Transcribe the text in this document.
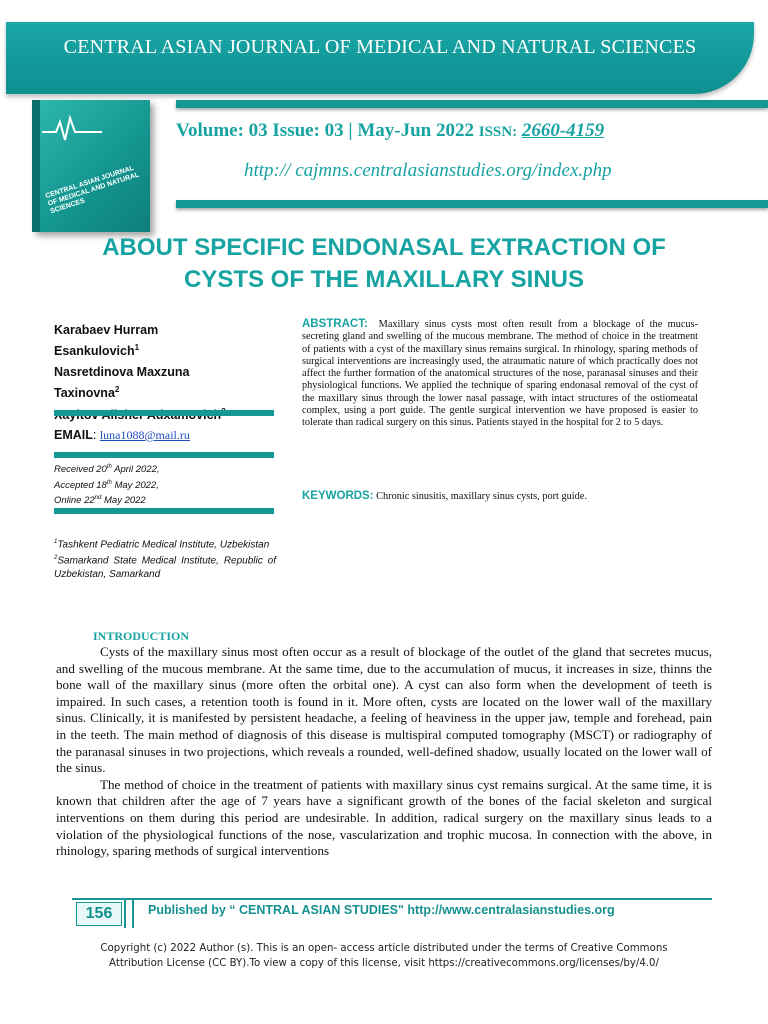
CENTRAL ASIAN JOURNAL OF MEDICAL AND NATURAL SCIENCES
CENTRAL ASIAN JOURNAL OF MEDICAL AND NATURAL SCIENCES
Volume: 03 Issue: 03 | May-Jun 2022 ISSN: 2660-4159
http:// cajmns.centralasianstudies.org/index.php
ABOUT SPECIFIC ENDONASAL EXTRACTION OF
CYSTS OF THE MAXILLARY SINUS
Karabaev Hurram
Esankulovich$^1$
Nasretdinova Maxzuna
Taxinovna$^2$
EMAIL: luna1088@mail.ru
Received 20th April 2022,
Accepted 18th May 2022,
Online 22nd May 2022
$^1$Tashkent Pediatric Medical Institute, Uzbekistan
$^2$Samarkand State Medical Institute, Republic of Uzbekistan, Samarkand
ABSTRACT: Maxillary sinus cysts most often result from a blockage of the mucus-secreting gland and swelling of the mucous membrane. The method of choice in the treatment of patients with a cyst of the maxillary sinus remains surgical. In rhinology, sparing methods of surgical interventions are increasingly used, the atraumatic nature of which practically does not affect the further formation of the anatomical structures of the nose, paranasal sinuses and their physiological functions. We applied the technique of sparing endonasal removal of the cyst of the maxillary sinus through the lower nasal passage, with intact structures of the ostiomeatal complex, using a port guide. The gentle surgical intervention we have proposed is easier to tolerate than radical surgery on this sinus. Patients stayed in the hospital for 2 to 5 days.
KEYWORDS: Chronic sinusitis, maxillary sinus cysts, port guide.
INTRODUCTION

Cysts of the maxillary sinus most often occur as a result of blockage of the outlet of the gland that secretes mucus, and swelling of the mucous membrane. At the same time, due to the accumulation of mucus, it increases in size, thinns the bone wall of the maxillary sinus (more often the orbital one). A cyst can also form when the development of teeth is impaired. In such cases, a retention tooth is found in it. More often, cysts are located on the lower wall of the maxillary sinus. Clinically, it is manifested by persistent headache, a feeling of heaviness in the upper jaw, temple and forehead, pain in the teeth. The main method of diagnosis of this disease is multispiral computed tomography (MSCT) or radiography of the paranasal sinuses in two projections, which reveals a rounded, well-defined shadow, usually located on the lower wall of the sinus.

The method of choice in the treatment of patients with maxillary sinus cyst remains surgical. At the same time, it is known that children after the age of 7 years have a significant growth of the bones of the facial skeleton and surgical interventions on them during this period are undesirable. In addition, radical surgery on the maxillary sinus leads to a violation of the physiological functions of the nose, vascularization and trophic mucosa. In connection with the above, in rhinology, sparing methods of surgical interventions

156	Published by “ CENTRAL ASIAN STUDIES" http://www.centralasianstudies.org
Copyright (c) 2022 Author (s). This is an open- access article distributed under the terms of Creative Commons
Attribution License (CC BY).To view a copy of this license, visit https://creativecommons.org/licenses/by/4.0/
